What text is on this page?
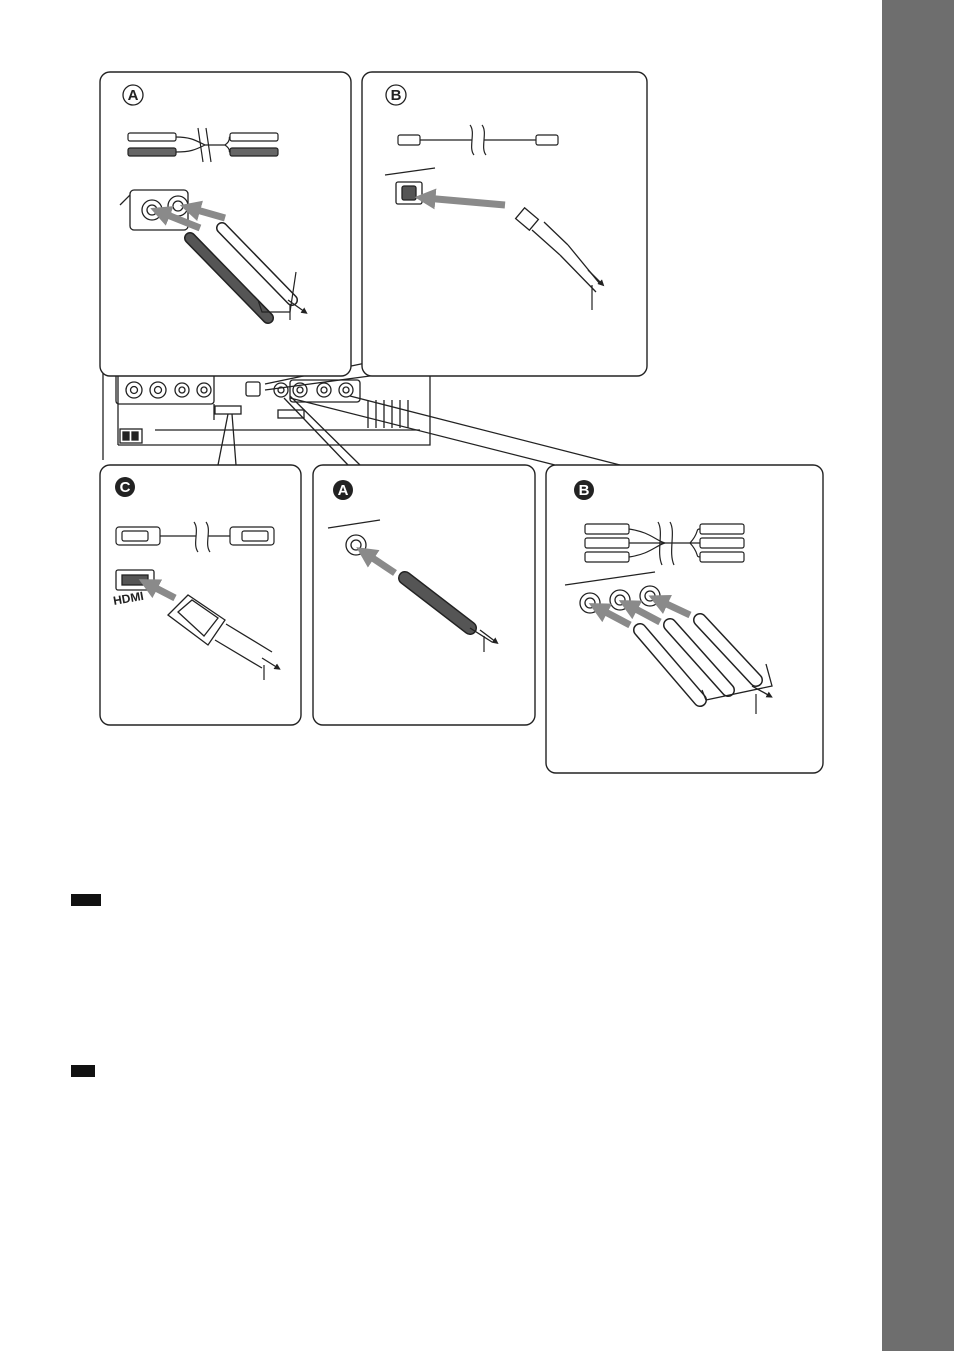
A	B
C
HDMI
A	B
